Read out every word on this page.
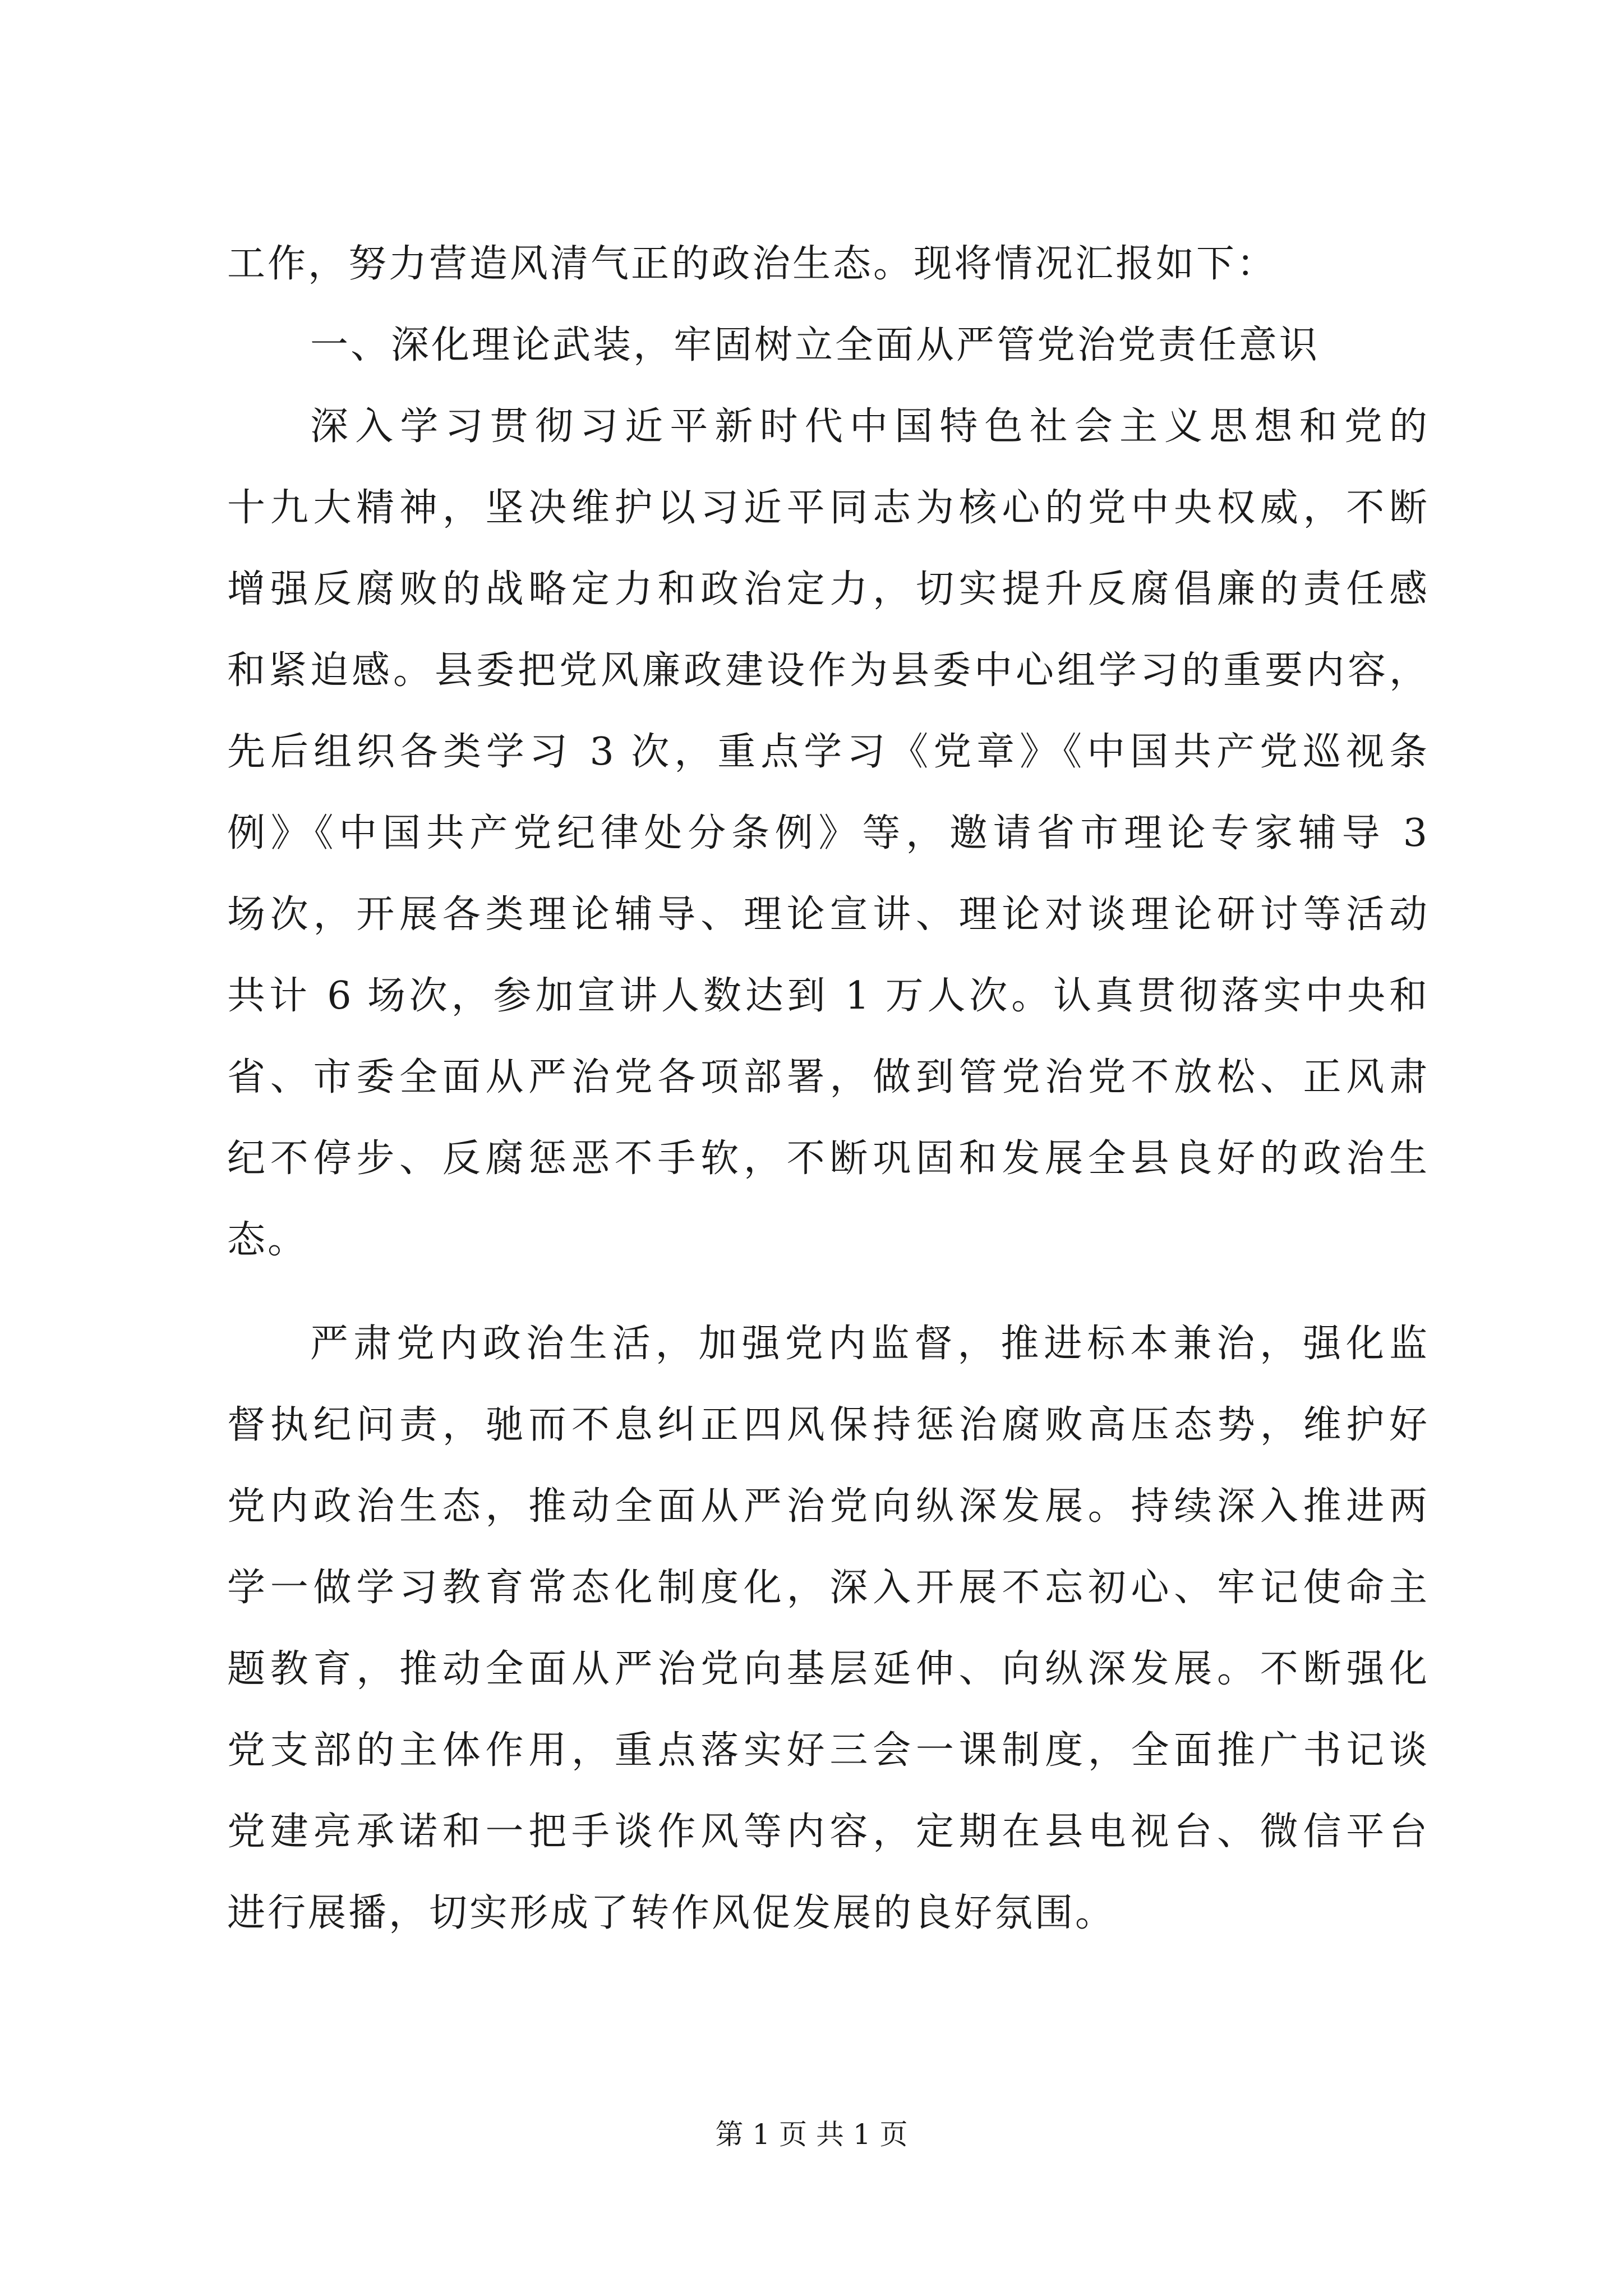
工作，努力营造风清气正的政治生态。现将情况汇报如下：
一、深化理论武装，牢固树立全面从严管党治党责任意识
深入学习贯彻习近平新时代中国特色社会主义思想和党的
十九大精神，坚决维护以习近平同志为核心的党中央权威，不断
增强反腐败的战略定力和政治定力，切实提升反腐倡廉的责任感
和紧迫感。县委把党风廉政建设作为县委中心组学习的重要内容，
先后组织各类学习 3 次，重点学习《党章》《中国共产党巡视条
例》《中国共产党纪律处分条例》等，邀请省市理论专家辅导 3
场次，开展各类理论辅导、理论宣讲、理论对谈理论研讨等活动
共计 6 场次，参加宣讲人数达到 1 万人次。认真贯彻落实中央和
省、市委全面从严治党各项部署，做到管党治党不放松、正风肃
纪不停步、反腐惩恶不手软，不断巩固和发展全县良好的政治生
态。
严肃党内政治生活，加强党内监督，推进标本兼治，强化监
督执纪问责，驰而不息纠正四风保持惩治腐败高压态势，维护好
党内政治生态，推动全面从严治党向纵深发展。持续深入推进两
学一做学习教育常态化制度化，深入开展不忘初心、牢记使命主
题教育，推动全面从严治党向基层延伸、向纵深发展。不断强化
党支部的主体作用，重点落实好三会一课制度，全面推广书记谈
党建亮承诺和一把手谈作风等内容，定期在县电视台、微信平台
进行展播，切实形成了转作风促发展的良好氛围。
第 1 页 共 1 页
